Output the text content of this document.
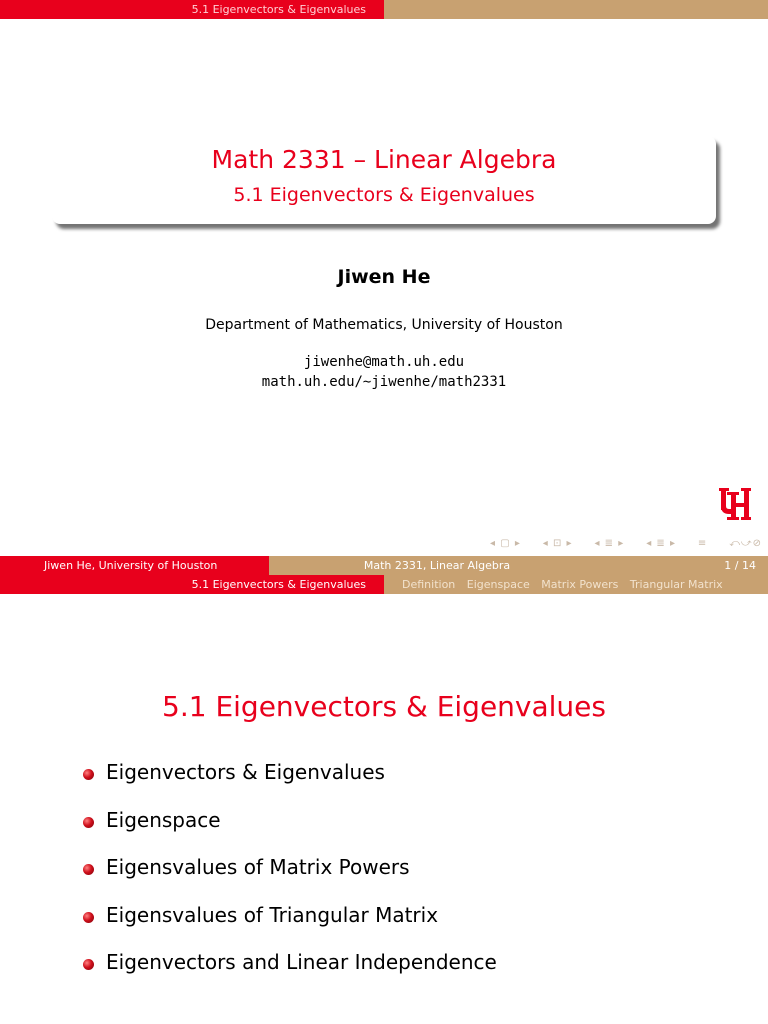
5.1 Eigenvectors & Eigenvalues
Math 2331 – Linear Algebra
5.1 Eigenvectors & Eigenvalues
Jiwen He
Department of Mathematics, University of Houston
jiwenhe@math.uh.edu
math.uh.edu/∼jiwenhe/math2331
◂ ▢ ▸ ◂ ⊡ ▸ ◂ ≣ ▸ ◂ ≣ ▸ ≡ ⤺⤻⊘
Jiwen He, University of Houston	Math 2331, Linear Algebra	1 / 14
5.1 Eigenvectors & Eigenvalues	Definition Eigenspace Matrix Powers Triangular Matrix
5.1 Eigenvectors & Eigenvalues
Eigenvectors & Eigenvalues
Eigenspace
Eigensvalues of Matrix Powers
Eigensvalues of Triangular Matrix
Eigenvectors and Linear Independence
